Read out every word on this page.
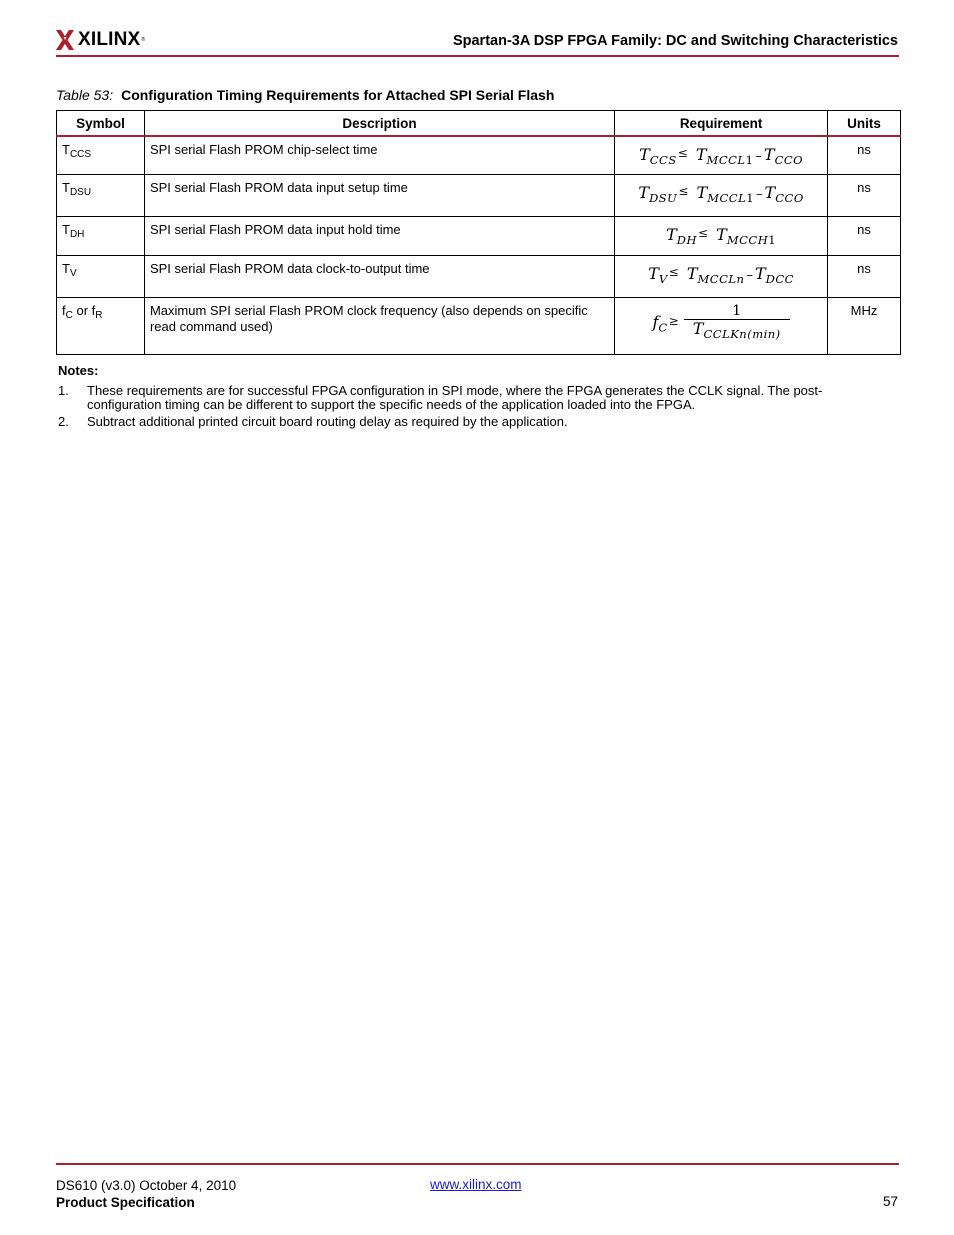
XILINX ®	Spartan-3A DSP FPGA Family: DC and Switching Characteristics
Table 53: Configuration Timing Requirements for Attached SPI Serial Flash
Symbol	Description	Requirement	Units
$T_{CCS}$	SPI serial Flash PROM chip-select time	$T_{CCS}\le T_{MCCL1} - T_{CCO}$	ns
$T_{DSU}$	SPI serial Flash PROM data input setup time	$T_{DSU}\le T_{MCCL1} - T_{CCO}$	ns
$T_{DH}$	SPI serial Flash PROM data input hold time	$T_{DH}\le T_{MCCH1}$	ns
$T_V$	SPI serial Flash PROM data clock-to-output time	$T_V\le T_{MCCLn} - T_{DCC}$	ns
$f_C$ or $f_R$	Maximum SPI serial Flash PROM clock frequency (also depends on specific read command used)	$f_C\ge \frac{1}{T_{CCLKn(min)}}$	MHz
Notes:
1. These requirements are for successful FPGA configuration in SPI mode, where the FPGA generates the CCLK signal. The post-configuration timing can be different to support the specific needs of the application loaded into the FPGA.
2. Subtract additional printed circuit board routing delay as required by the application.
DS610 (v3.0) October 4, 2010
Product Specification
www.xilinx.com
57
